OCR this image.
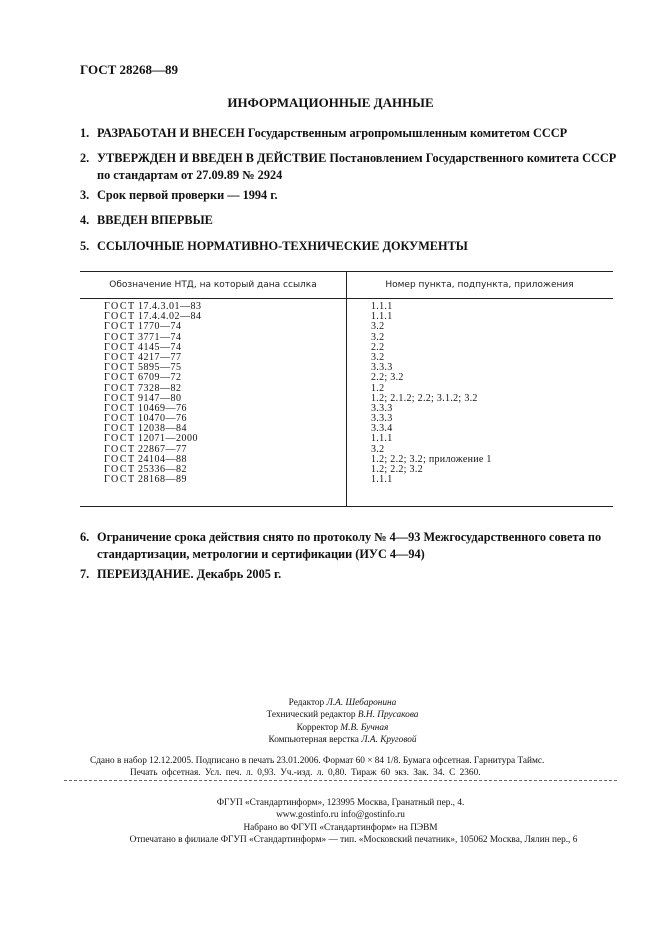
ГОСТ 28268—89
ИНФОРМАЦИОННЫЕ ДАННЫЕ
1. РАЗРАБОТАН И ВНЕСЕН Государственным агропромышленным комитетом СССР
2. УТВЕРЖДЕН И ВВЕДЕН В ДЕЙСТВИЕ Постановлением Государственного комитета СССР по стандартам от 27.09.89 № 2924
3. Срок первой проверки — 1994 г.
4. ВВЕДЕН ВПЕРВЫЕ
5. ССЫЛОЧНЫЕ НОРМАТИВНО-ТЕХНИЧЕСКИЕ ДОКУМЕНТЫ
Обозначение НТД, на который дана ссылка	Номер пункта, подпункта, приложения
ГОСТ 17.4.3.01—83	1.1.1
ГОСТ 17.4.4.02—84	1.1.1
ГОСТ 1770—74	3.2
ГОСТ 3771—74	3.2
ГОСТ 4145—74	2.2
ГОСТ 4217—77	3.2
ГОСТ 5895—75	3.3.3
ГОСТ 6709—72	2.2; 3.2
ГОСТ 7328—82	1.2
ГОСТ 9147—80	1.2; 2.1.2; 2.2; 3.1.2; 3.2
ГОСТ 10469—76	3.3.3
ГОСТ 10470—76	3.3.3
ГОСТ 12038—84	3.3.4
ГОСТ 12071—2000	1.1.1
ГОСТ 22867—77	3.2
ГОСТ 24104—88	1.2; 2.2; 3.2; приложение 1
ГОСТ 25336—82	1.2; 2.2; 3.2
ГОСТ 28168—89	1.1.1
6. Ограничение срока действия снято по протоколу № 4—93 Межгосударственного совета по стандартизации, метрологии и сертификации (ИУС 4—94)
7. ПЕРЕИЗДАНИЕ. Декабрь 2005 г.
Редактор Л.А. Шебаронина
Технический редактор В.Н. Прусакова
Корректор М.В. Бучная
Компьютерная верстка Л.А. Круговой
Сдано в набор 12.12.2005. Подписано в печать 23.01.2006. Формат 60 × 84 1/8. Бумага офсетная. Гарнитура Таймс.
Печать офсетная. Усл. печ. л. 0,93. Уч.-изд. л. 0,80. Тираж 60 экз. Зак. 34. С 2360.
ФГУП «Стандартинформ», 123995 Москва, Гранатный пер., 4.
www.gostinfo.ru info@gostinfo.ru
Набрано во ФГУП «Стандартинформ» на ПЭВМ
Отпечатано в филиале ФГУП «Стандартинформ» — тип. «Московский печатник», 105062 Москва, Лялин пер., 6
